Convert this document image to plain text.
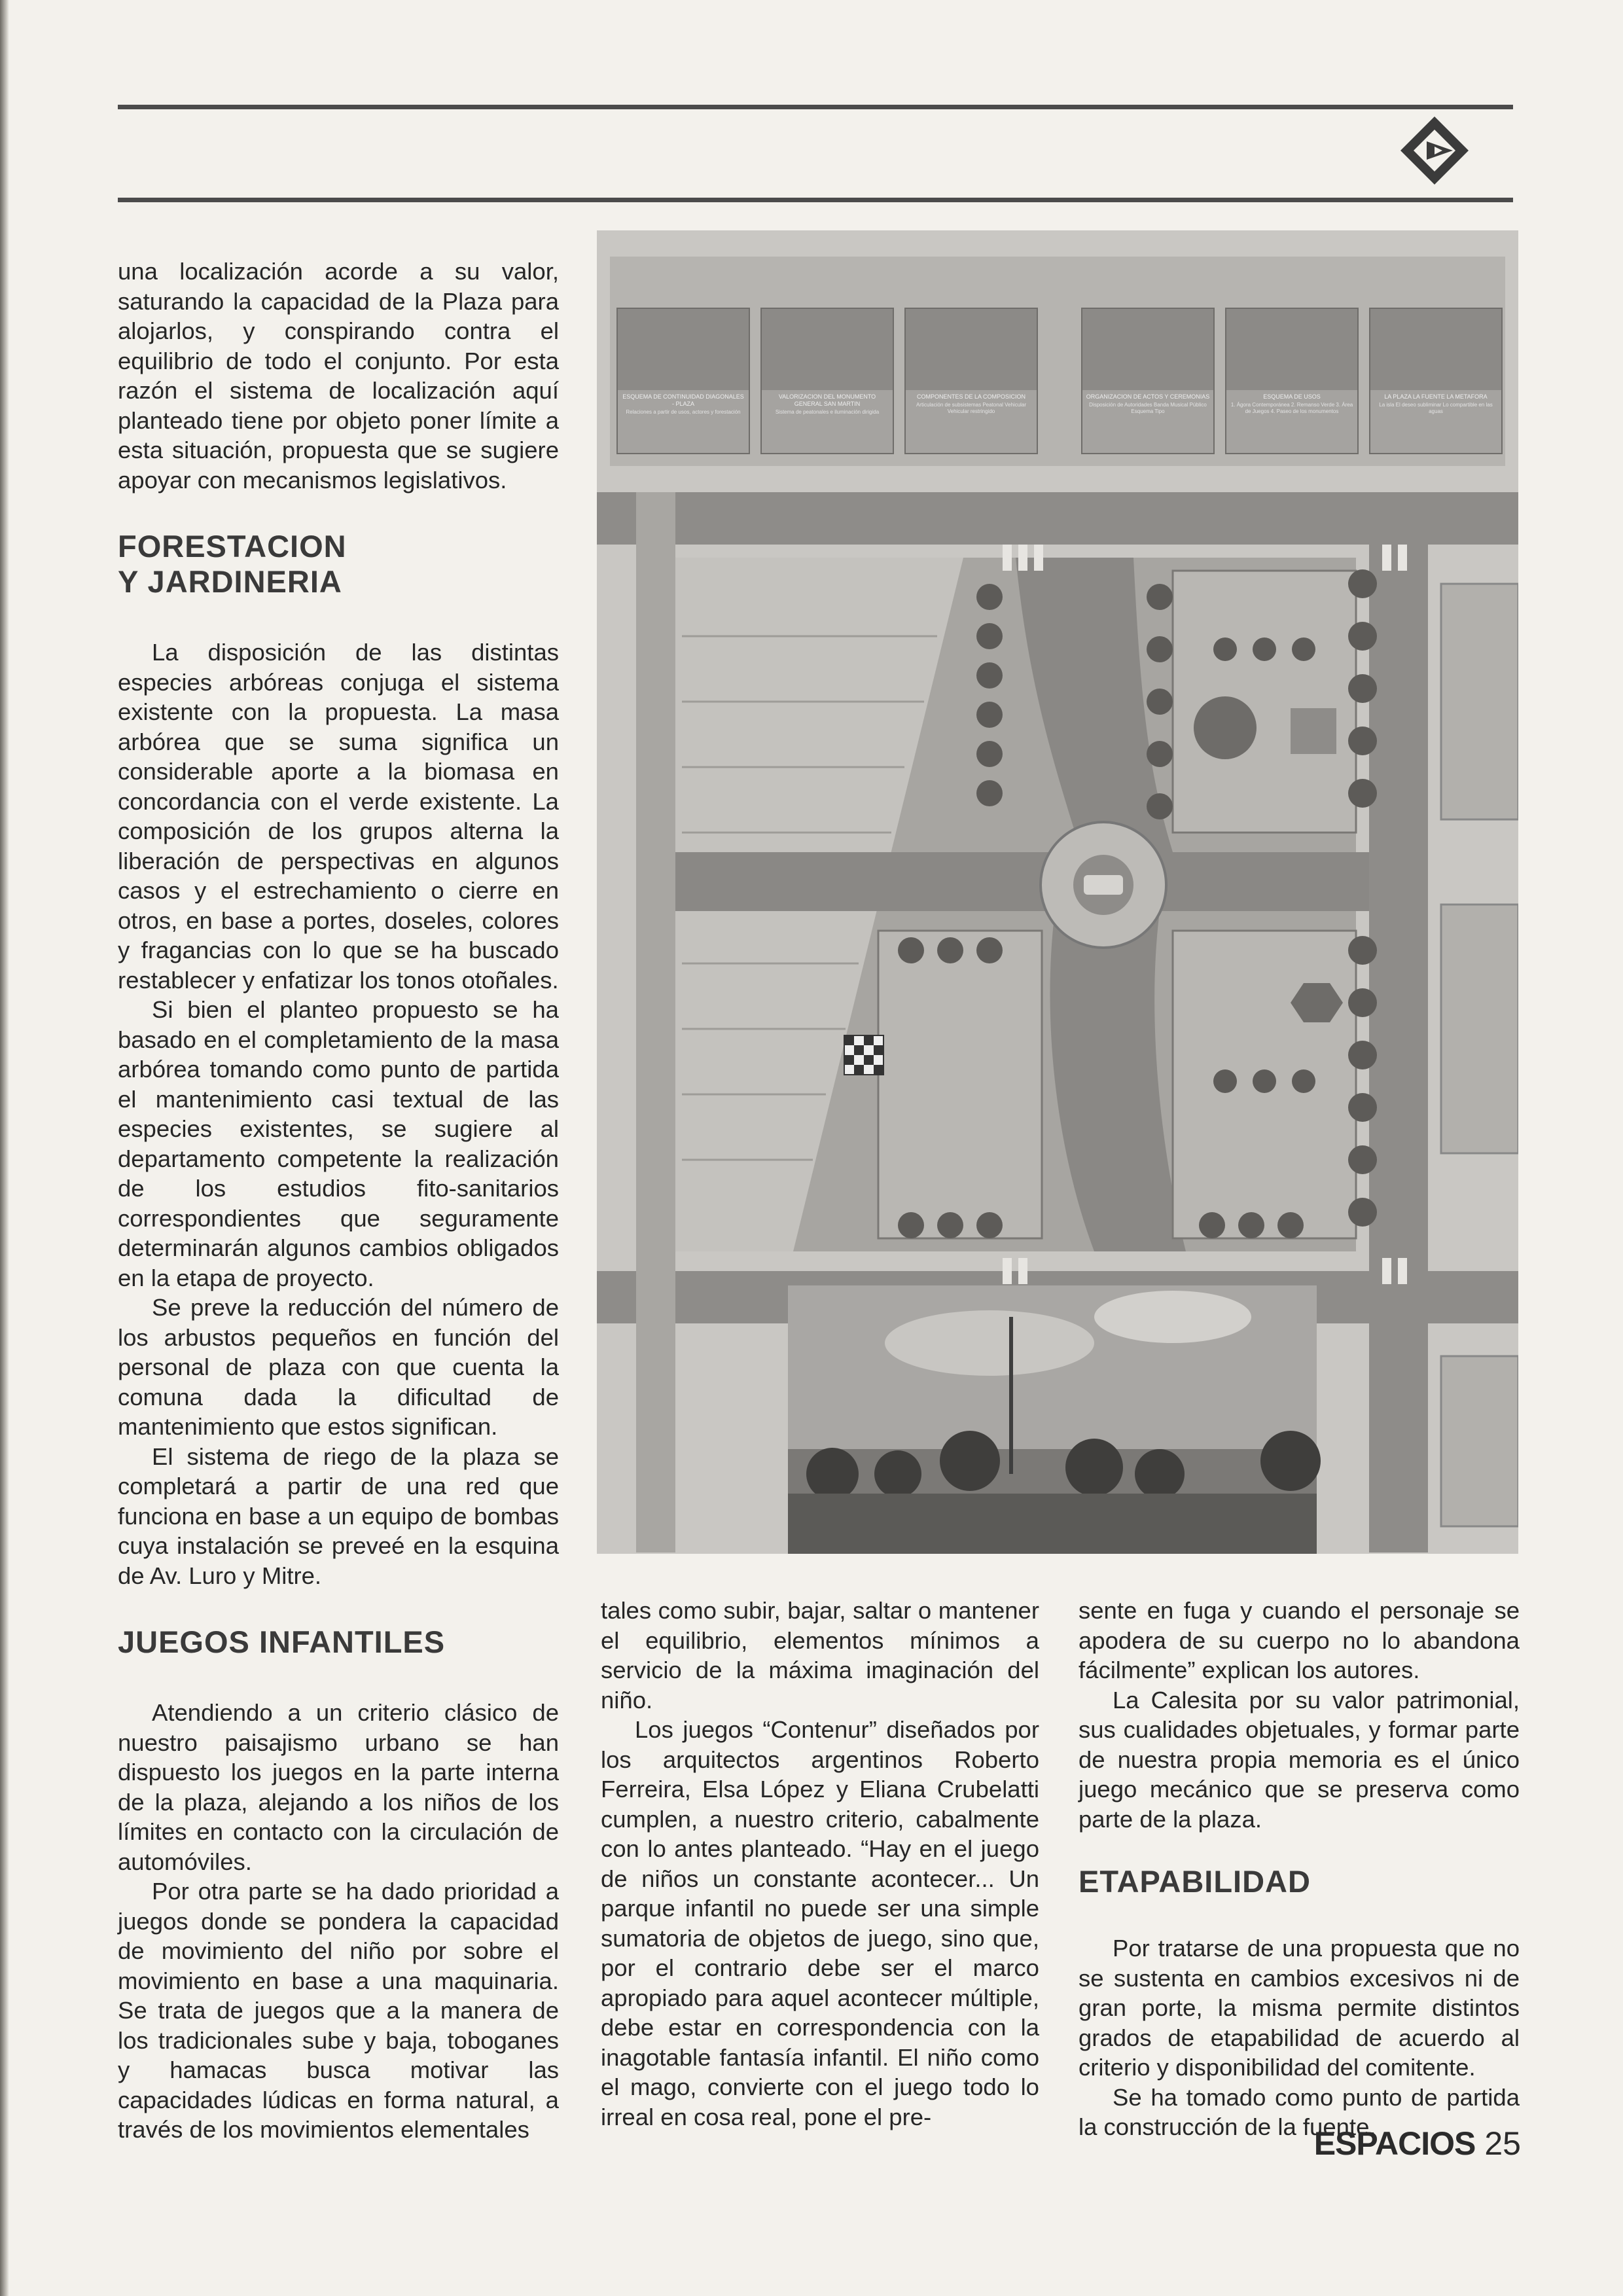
una localización acorde a su valor, saturando la capacidad de la Plaza para alojarlos, y conspirando contra el equilibrio de todo el conjunto. Por esta razón el sistema de localización aquí planteado tiene por objeto poner límite a esta situación, propuesta que se sugiere apoyar con mecanismos legislativos.

FORESTACION
Y JARDINERIA

La disposición de las distintas especies arbóreas conjuga el sistema existente con la propuesta. La masa arbórea que se suma significa un considerable aporte a la biomasa en concordancia con el verde existente. La composición de los grupos alterna la liberación de perspectivas en algunos casos y el estrechamiento o cierre en otros, en base a portes, doseles, colores y fragancias con lo que se ha buscado restablecer y enfatizar los tonos otoñales.

Si bien el planteo propuesto se ha basado en el completamiento de la masa arbórea tomando como punto de partida el mantenimiento casi textual de las especies existentes, se sugiere al departamento competente la realización de los estudios fito-sanitarios correspondientes que seguramente determinarán algunos cambios obligados en la etapa de proyecto.

Se preve la reducción del número de los arbustos pequeños en función del personal de plaza con que cuenta la comuna dada la dificultad de mantenimiento que estos significan.

El sistema de riego de la plaza se completará a partir de una red que funciona en base a un equipo de bombas cuya instalación se preveé en la esquina de Av. Luro y Mitre.

JUEGOS INFANTILES

Atendiendo a un criterio clásico de nuestro paisajismo urbano se han dispuesto los juegos en la parte interna de la plaza, alejando a los niños de los límites en contacto con la circulación de automóviles.

Por otra parte se ha dado prioridad a juegos donde se pondera la capacidad de movimiento del niño por sobre el movimiento en base a una maquinaria. Se trata de juegos que a la manera de los tradicionales sube y baja, toboganes y hamacas busca motivar las capacidades lúdicas en forma natural, a través de los movimientos elementales

ESQUEMA DE CONTINUIDAD DIAGONALES - PLAZA
Relaciones a partir de usos, actores y forestación
VALORIZACION DEL MONUMENTO GENERAL SAN MARTIN
Sistema de peatonales e iluminación dirigida
COMPONENTES DE LA COMPOSICION
Articulación de subsistemas Peatonal Vehicular Vehicular restringido
ORGANIZACION DE ACTOS Y CEREMONIAS
Disposición de Autoridades Banda Musical Público Esquema Tipo
ESQUEMA DE USOS
1. Ágora Contemporánea 2. Remanso Verde 3. Área de Juegos 4. Paseo de los monumentos
LA PLAZA LA FUENTE LA METAFORA
La isla El deseo subliminar Lo compartible en las aguas

tales como subir, bajar, saltar o mantener el equilibrio, elementos mínimos a servicio de la máxima imaginación del niño.

Los juegos “Contenur” diseñados por los arquitectos argentinos Roberto Ferreira, Elsa López y Eliana Crubelatti cumplen, a nuestro criterio, cabalmente con lo antes planteado. “Hay en el juego de niños un constante acontecer... Un parque infantil no puede ser una simple sumatoria de objetos de juego, sino que, por el contrario debe ser el marco apropiado para aquel acontecer múltiple, debe estar en correspondencia con la inagotable fantasía infantil. El niño como el mago, convierte con el juego todo lo irreal en cosa real, pone el pre-

sente en fuga y cuando el personaje se apodera de su cuerpo no lo abandona fácilmente” explican los autores.

La Calesita por su valor patrimonial, sus cualidades objetuales, y formar parte de nuestra propia memoria es el único juego mecánico que se preserva como parte de la plaza.

ETAPABILIDAD

Por tratarse de una propuesta que no se sustenta en cambios excesivos ni de gran porte, la misma permite distintos grados de etapabilidad de acuerdo al criterio y disponibilidad del comitente.

Se ha tomado como punto de partida la construcción de la fuente.

ESPACIOS 25
